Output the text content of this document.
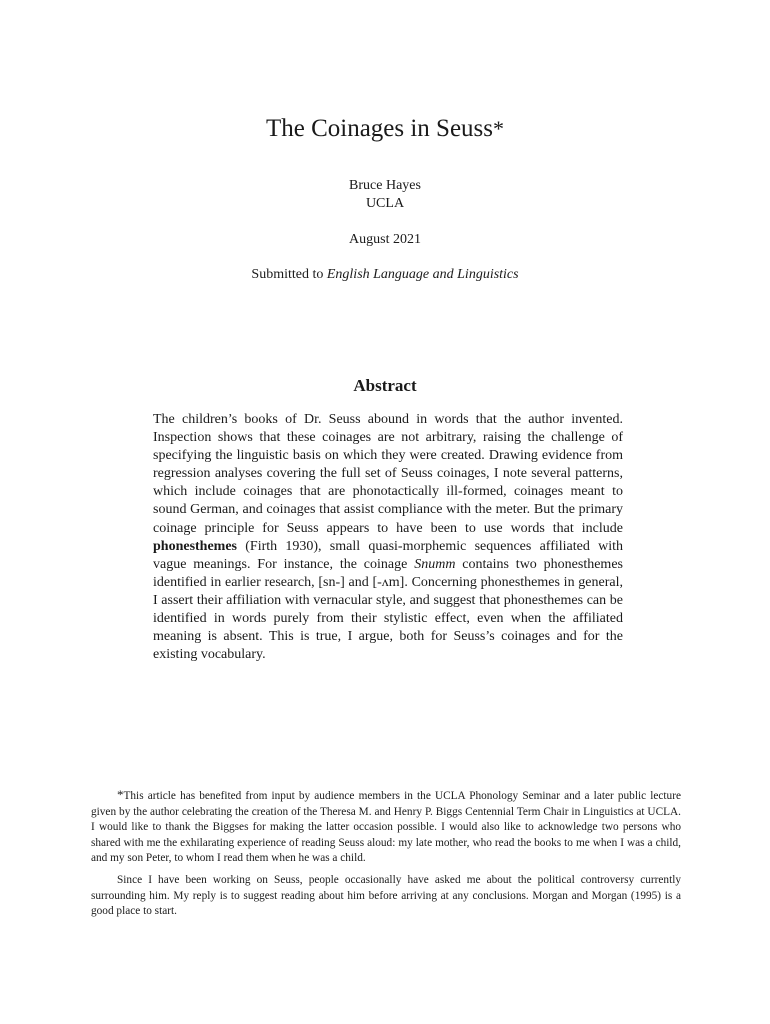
The Coinages in Seuss*
Bruce Hayes
UCLA
August 2021
Submitted to English Language and Linguistics
Abstract

The children’s books of Dr. Seuss abound in words that the author invented. Inspection shows that these coinages are not arbitrary, raising the challenge of specifying the linguistic basis on which they were created. Drawing evidence from regression analyses covering the full set of Seuss coinages, I note several patterns, which include coinages that are phonotactically ill-formed, coinages meant to sound German, and coinages that assist compliance with the meter. But the primary coinage principle for Seuss appears to have been to use words that include phonesthemes (Firth 1930), small quasi-morphemic sequences affiliated with vague meanings. For instance, the coinage Snumm contains two phonesthemes identified in earlier research, [sn-] and [-ʌm]. Concerning phonesthemes in general, I assert their affiliation with vernacular style, and suggest that phonesthemes can be identified in words purely from their stylistic effect, even when the affiliated meaning is absent. This is true, I argue, both for Seuss’s coinages and for the existing vocabulary.

*This article has benefited from input by audience members in the UCLA Phonology Seminar and a later public lecture given by the author celebrating the creation of the Theresa M. and Henry P. Biggs Centennial Term Chair in Linguistics at UCLA. I would like to thank the Biggses for making the latter occasion possible. I would also like to acknowledge two persons who shared with me the exhilarating experience of reading Seuss aloud: my late mother, who read the books to me when I was a child, and my son Peter, to whom I read them when he was a child.

Since I have been working on Seuss, people occasionally have asked me about the political controversy currently surrounding him. My reply is to suggest reading about him before arriving at any conclusions. Morgan and Morgan (1995) is a good place to start.
